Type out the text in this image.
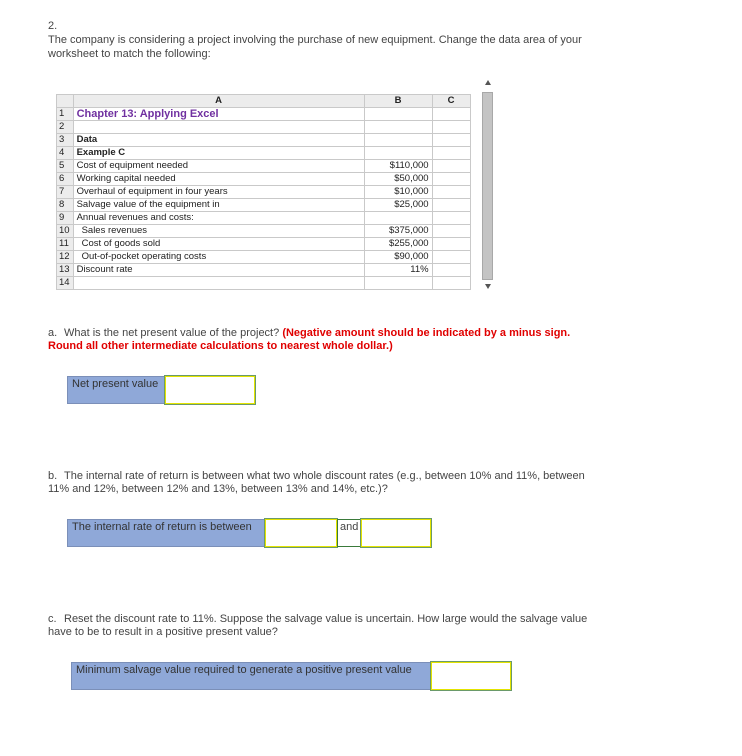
2.
The company is considering a project involving the purchase of new equipment. Change the data area of your worksheet to match the following:
	A	B	C
1	Chapter 13: Applying Excel		
2			
3	Data		
4	Example C		
5	Cost of equipment needed	$110,000	
6	Working capital needed	$50,000	
7	Overhaul of equipment in four years	$10,000	
8	Salvage value of the equipment in	$25,000	
9	Annual revenues and costs:		
10	Sales revenues	$375,000	
11	Cost of goods sold	$255,000	
12	Out-of-pocket operating costs	$90,000	
13	Discount rate	11%	
14			
a. What is the net present value of the project? (Negative amount should be indicated by a minus sign. Round all other intermediate calculations to nearest whole dollar.)
Net present value
b. The internal rate of return is between what two whole discount rates (e.g., between 10% and 11%, between 11% and 12%, between 12% and 13%, between 13% and 14%, etc.)?
The internal rate of return is between	and
c. Reset the discount rate to 11%. Suppose the salvage value is uncertain. How large would the salvage value have to be to result in a positive present value?
Minimum salvage value required to generate a positive present value
